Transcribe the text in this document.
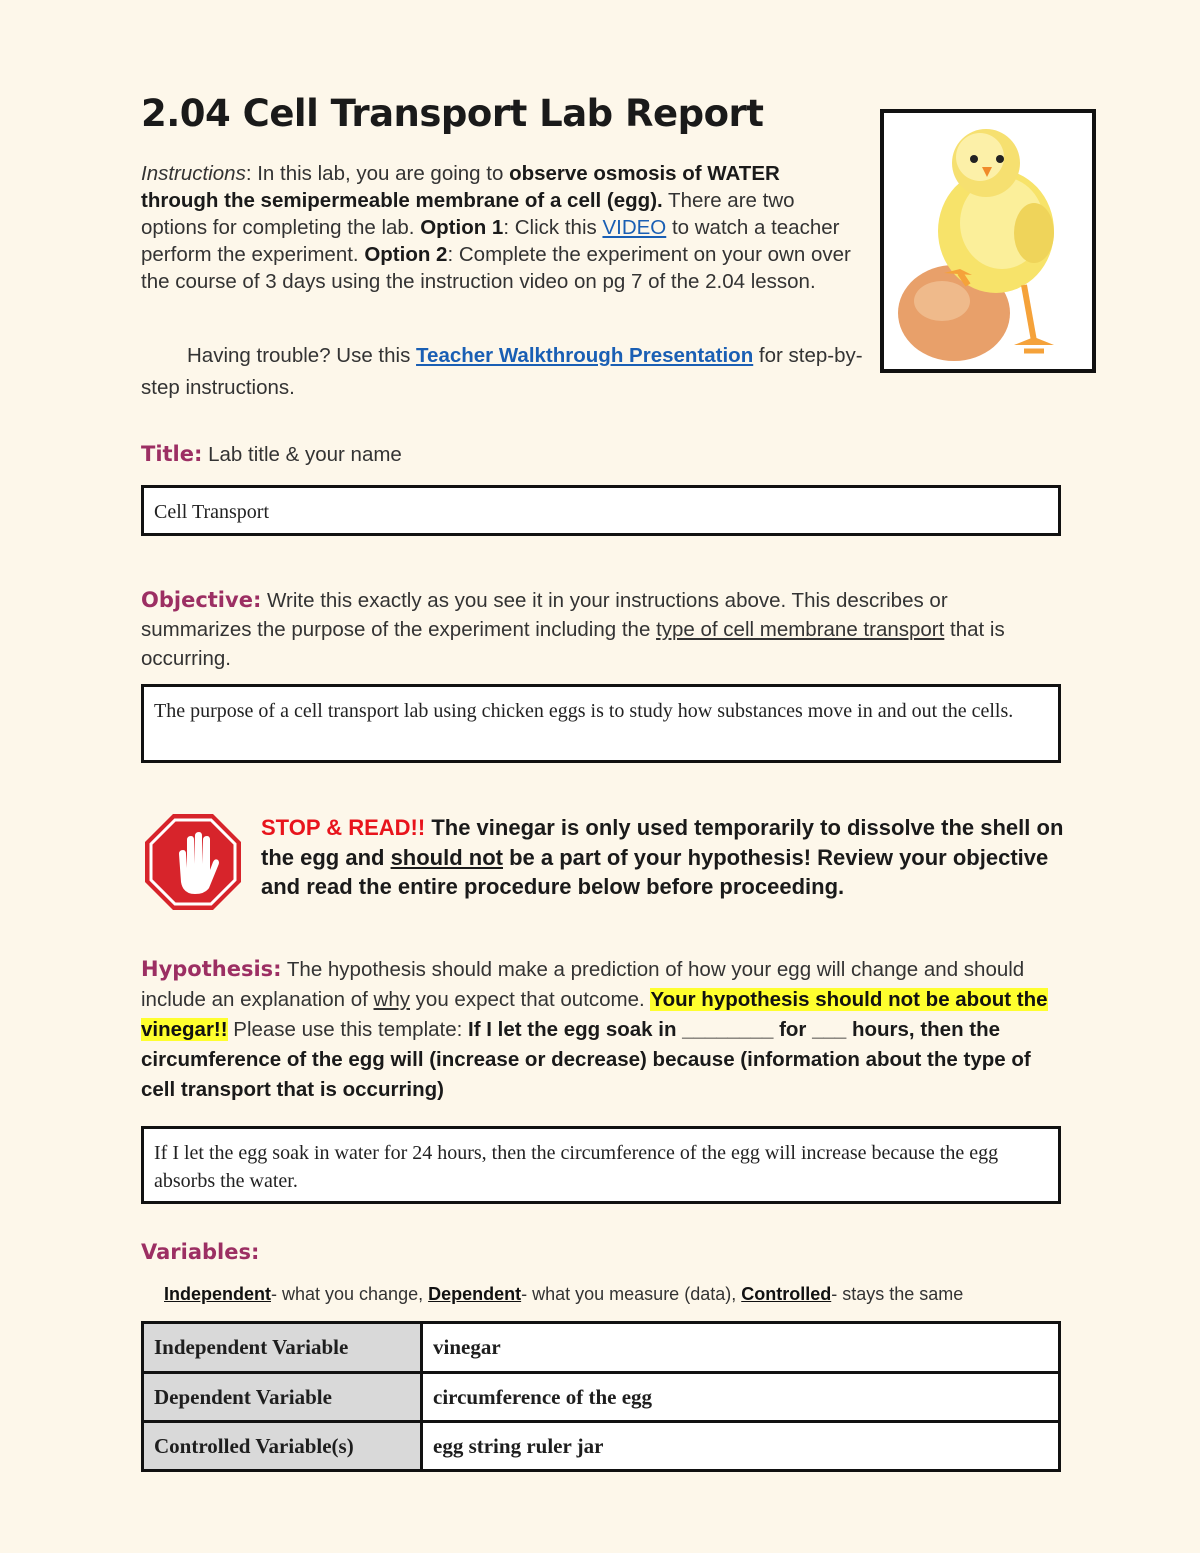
2.04 Cell Transport Lab Report
Instructions: In this lab, you are going to observe osmosis of WATER through the semipermeable membrane of a cell (egg). There are two options for completing the lab. Option 1: Click this VIDEO to watch a teacher perform the experiment. Option 2: Complete the experiment on your own over the course of 3 days using the instruction video on pg 7 of the 2.04 lesson.
Having trouble? Use this Teacher Walkthrough Presentation for step-by-step instructions.
Title: Lab title & your name
Cell Transport
Objective: Write this exactly as you see it in your instructions above. This describes or summarizes the purpose of the experiment including the type of cell membrane transport that is occurring.
The purpose of a cell transport lab using chicken eggs is to study how substances move in and out the cells.
STOP & READ!! The vinegar is only used temporarily to dissolve the shell on the egg and should not be a part of your hypothesis! Review your objective and read the entire procedure below before proceeding.
Hypothesis: The hypothesis should make a prediction of how your egg will change and should include an explanation of why you expect that outcome. Your hypothesis should not be about the vinegar!! Please use this template: If I let the egg soak in ________ for ___ hours, then the circumference of the egg will (increase or decrease) because (information about the type of cell transport that is occurring)
If I let the egg soak in water for 24 hours, then the circumference of the egg will increase because the egg absorbs the water.
Variables:
Independent- what you change, Dependent- what you measure (data), Controlled- stays the same
Independent Variable	vinegar
Dependent Variable	circumference of the egg
Controlled Variable(s)	egg string ruler jar
